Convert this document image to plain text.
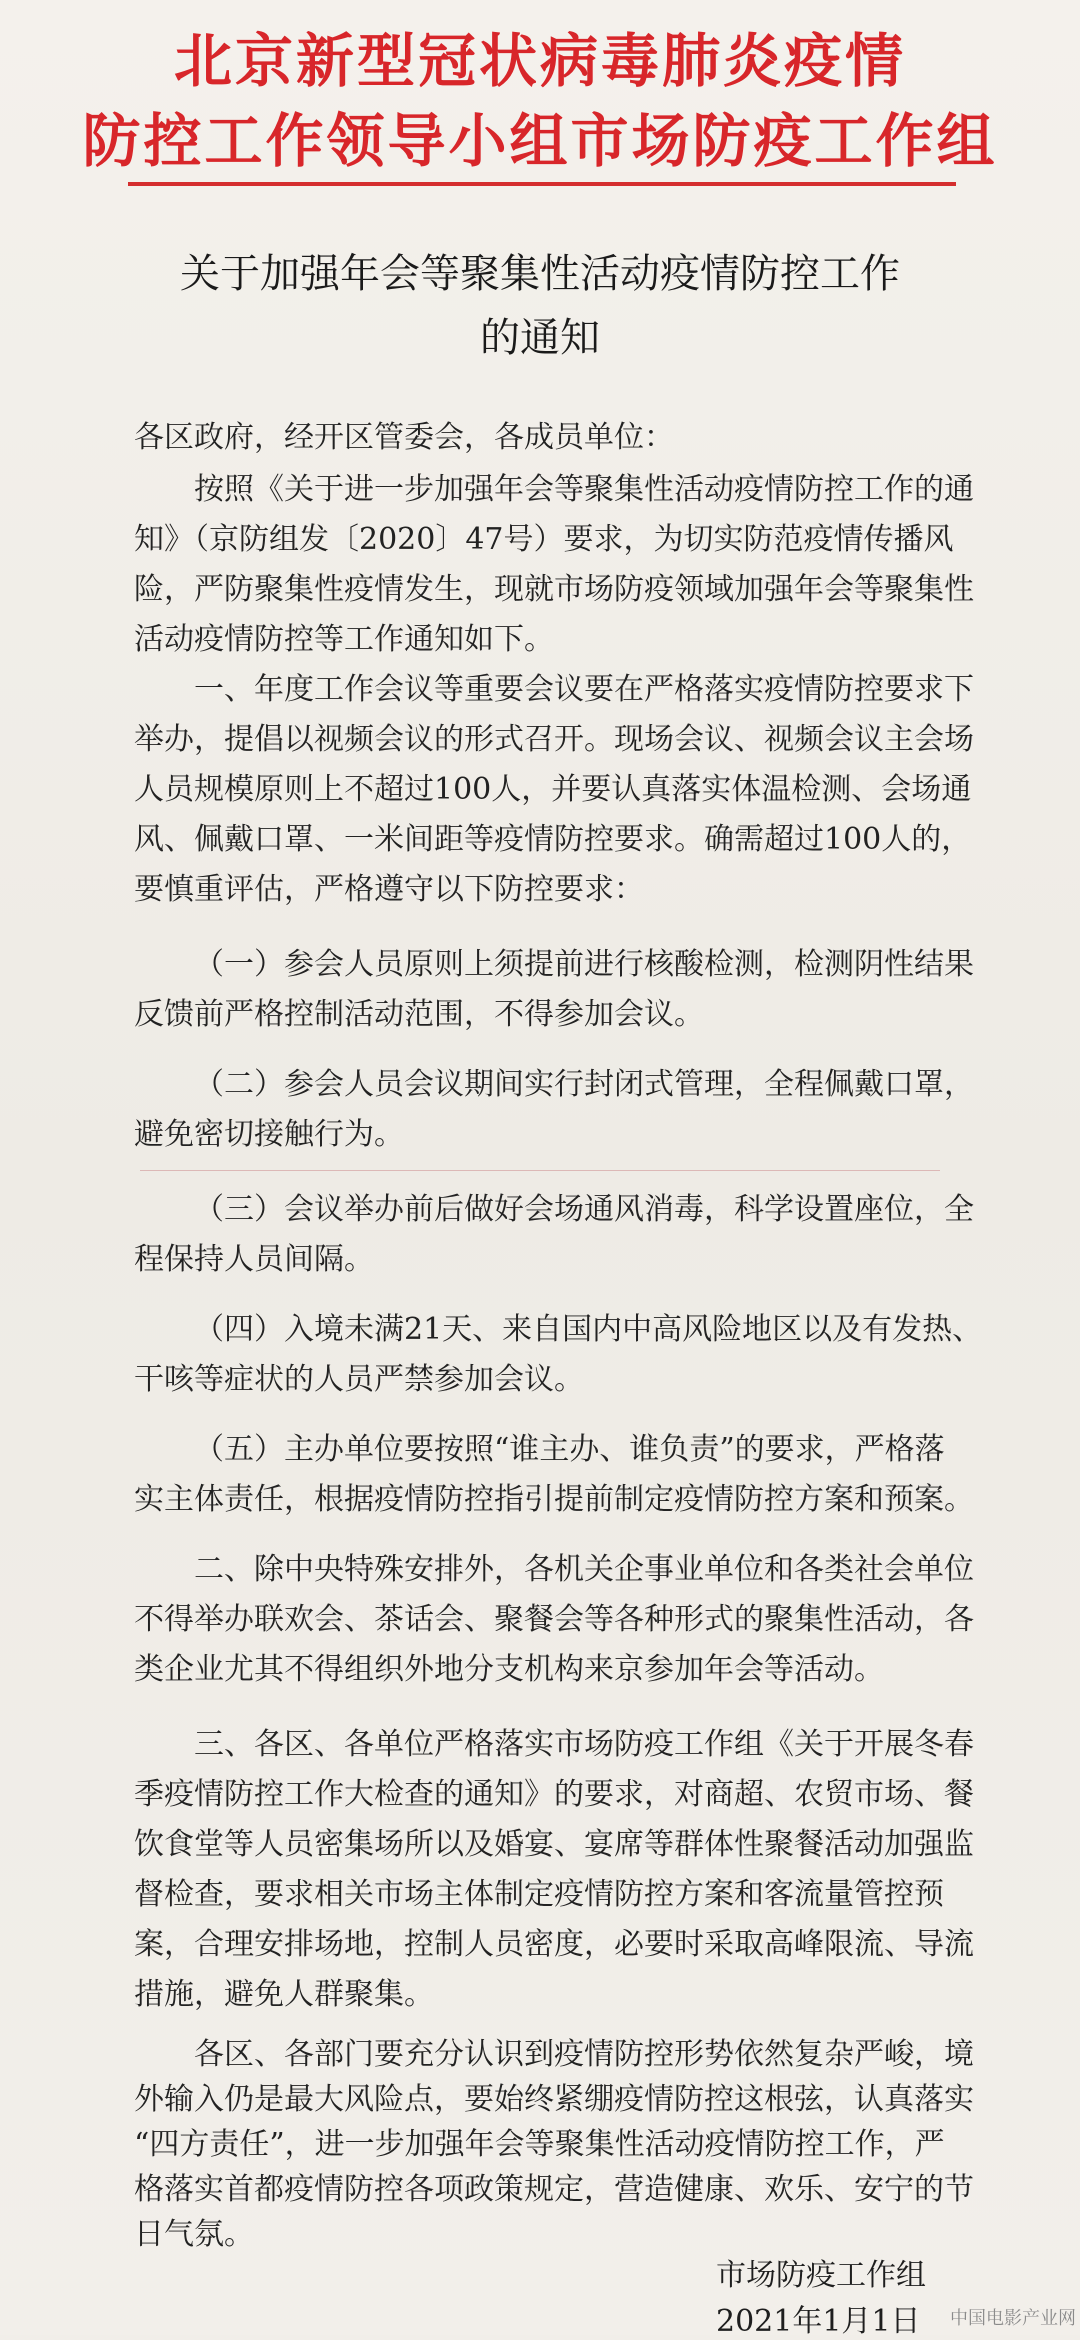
北京新型冠状病毒肺炎疫情
防控工作领导小组市场防疫工作组
关于加强年会等聚集性活动疫情防控工作
的通知
各区政府，经开区管委会，各成员单位：
按照《关于进一步加强年会等聚集性活动疫情防控工作的通
知》（京防组发〔2020〕47号）要求，为切实防范疫情传播风
险，严防聚集性疫情发生，现就市场防疫领域加强年会等聚集性
活动疫情防控等工作通知如下。
一、年度工作会议等重要会议要在严格落实疫情防控要求下
举办，提倡以视频会议的形式召开。现场会议、视频会议主会场
人员规模原则上不超过100人，并要认真落实体温检测、会场通
风、佩戴口罩、一米间距等疫情防控要求。确需超过100人的，
要慎重评估，严格遵守以下防控要求：
（一）参会人员原则上须提前进行核酸检测，检测阴性结果
反馈前严格控制活动范围，不得参加会议。
（二）参会人员会议期间实行封闭式管理，全程佩戴口罩，
避免密切接触行为。
（三）会议举办前后做好会场通风消毒，科学设置座位，全
程保持人员间隔。
（四）入境未满21天、来自国内中高风险地区以及有发热、
干咳等症状的人员严禁参加会议。
（五）主办单位要按照“谁主办、谁负责”的要求，严格落
实主体责任，根据疫情防控指引提前制定疫情防控方案和预案。
二、除中央特殊安排外，各机关企事业单位和各类社会单位
不得举办联欢会、茶话会、聚餐会等各种形式的聚集性活动，各
类企业尤其不得组织外地分支机构来京参加年会等活动。
三、各区、各单位严格落实市场防疫工作组《关于开展冬春
季疫情防控工作大检查的通知》的要求，对商超、农贸市场、餐
饮食堂等人员密集场所以及婚宴、宴席等群体性聚餐活动加强监
督检查，要求相关市场主体制定疫情防控方案和客流量管控预
案，合理安排场地，控制人员密度，必要时采取高峰限流、导流
措施，避免人群聚集。
各区、各部门要充分认识到疫情防控形势依然复杂严峻，境
外输入仍是最大风险点，要始终紧绷疫情防控这根弦，认真落实
“四方责任”，进一步加强年会等聚集性活动疫情防控工作，严
格落实首都疫情防控各项政策规定，营造健康、欢乐、安宁的节
日气氛。
市场防疫工作组
2021年1月1日 中国电影产业网
